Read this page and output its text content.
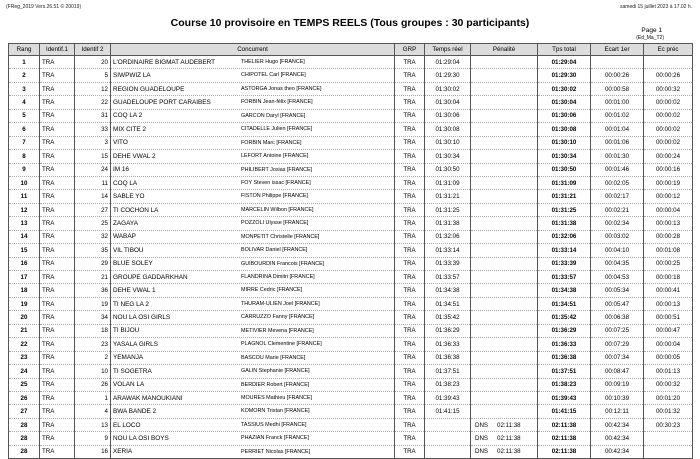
(FReg_2019 Vers.26.51 © 20019)	samedi 15 juillet 2023 à 17.02 h.
Course 10 provisoire en TEMPS REELS (Tous groupes : 30 participants)
Page 1
(Ed_Ma_T2)
Rang	Identif.1	Identif 2	Concurrent	GRP	Temps réel	Pénalité	Tps total	Ecart 1er	Ec préc
1	TRA	20	L'ORDINAIRE BIGMAT AUDEBERT THELIER Hugo [FRANCE]	TRA	01:29:04		01:29:04		
2	TRA	5	SIWPWIZ LA CHIPOTEL Carl [FRANCE]	TRA	01:29:30		01:29:30	00:00:26	00:00:26
3	TRA	12	REGION GUADELOUPE ASTORGA Jonas theo [FRANCE]	TRA	01:30:02		01:30:02	00:00:58	00:00:32
4	TRA	22	GUADELOUPE PORT CARAIBES FORBIN Jean-félix [FRANCE]	TRA	01:30:04		01:30:04	00:01:00	00:00:02
5	TRA	31	COQ LA 2 GARCON Daryl [FRANCE]	TRA	01:30:06		01:30:06	00:01:02	00:00:02
6	TRA	33	MIX CITE 2 CITADELLE Julien [FRANCE]	TRA	01:30:08		01:30:08	00:01:04	00:00:02
7	TRA	3	VITO FORBIN Marc [FRANCE]	TRA	01:30:10		01:30:10	00:01:06	00:00:02
8	TRA	15	DEHE VWAL 2 LEFORT Antoine [FRANCE]	TRA	01:30:34		01:30:34	00:01:30	00:00:24
9	TRA	24	IM 16 PHILIBERT Josias [FRANCE]	TRA	01:30:50		01:30:50	00:01:46	00:00:16
10	TRA	11	COQ LA FOY Steven issac [FRANCE]	TRA	01:31:09		01:31:09	00:02:05	00:00:19
11	TRA	14	SABLE YO FISTON Philippe [FRANCE]	TRA	01:31:21		01:31:21	00:02:17	00:00:12
12	TRA	27	TI COCHON LA MARCELIN Wilbon [FRANCE]	TRA	01:31:25		01:31:25	00:02:21	00:00:04
13	TRA	25	ZAGAYA POZZOLI Ulysse [FRANCE]	TRA	01:31:38		01:31:38	00:02:34	00:00:13
14	TRA	32	WABAP MONPETIT Christelle [FRANCE]	TRA	01:32:06		01:32:06	00:03:02	00:00:28
15	TRA	35	VIL TIBOU BOLIVAR Daniel [FRANCE]	TRA	01:33:14		01:33:14	00:04:10	00:01:08
16	TRA	29	BLUE SOLEY GUIBOURDIN Francois [FRANCE]	TRA	01:33:39		01:33:39	00:04:35	00:00:25
17	TRA	21	GROUPE GADDARKHAN FLANDRINA Dimitri [FRANCE]	TRA	01:33:57		01:33:57	00:04:53	00:00:18
18	TRA	36	DEHE VWAL 1 MIRRE Cedric [FRANCE]	TRA	01:34:38		01:34:38	00:05:34	00:00:41
19	TRA	19	TI NEG LA 2 THURAM-ULIEN Joel [FRANCE]	TRA	01:34:51		01:34:51	00:05:47	00:00:13
20	TRA	34	NOU LA OSI GIRLS CARRUZZO Fanny [FRANCE]	TRA	01:35:42		01:35:42	00:06:38	00:00:51
21	TRA	18	TI BIJOU METIVIER Mevena [FRANCE]	TRA	01:36:29		01:36:29	00:07:25	00:00:47
22	TRA	23	YASALA GIRLS PLAGNOL Clementine [FRANCE]	TRA	01:36:33		01:36:33	00:07:29	00:00:04
23	TRA	2	YEMANJA BASCOU Marie [FRANCE]	TRA	01:36:38		01:36:38	00:07:34	00:00:05
24	TRA	10	TI SOGETRA GALIN Stephanie [FRANCE]	TRA	01:37:51		01:37:51	00:08:47	00:01:13
25	TRA	26	VOLAN LA BERDIER Robert [FRANCE]	TRA	01:38:23		01:38:23	00:09:19	00:00:32
26	TRA	1	ARAWAK MANOUKIANI MOURES Mathieu [FRANCE]	TRA	01:39:43		01:39:43	00:10:39	00:01:20
27	TRA	4	BWA BANDE 2 KOMORN Tristan [FRANCE]	TRA	01:41:15		01:41:15	00:12:11	00:01:32
28	TRA	13	EL LOCO TASSIUS Medhi [FRANCE]	TRA		DNS 02:11:38	02:11:38	00:42:34	00:30:23
28	TRA	9	NOU LA OSI BOYS PHAZIAN Franck [FRANCE]	TRA		DNS 02:11:38	02:11:38	00:42:34	
28	TRA	16	XERIA PERRIET Nicolas [FRANCE]	TRA		DNS 02:11:38	02:11:38	00:42:34	
